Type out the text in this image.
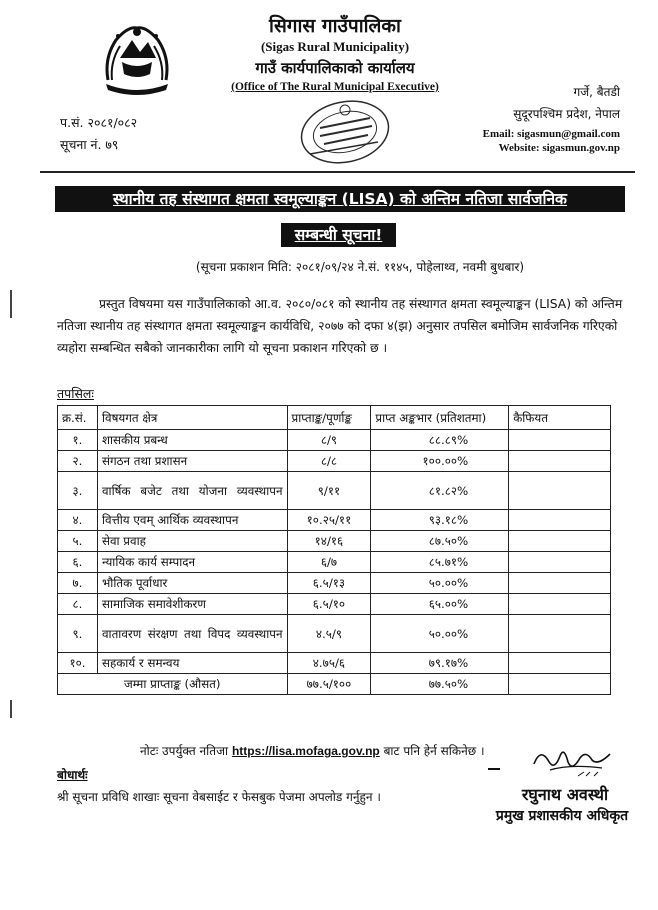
सिगास गाउँपालिका
(Sigas Rural Municipality)
गाउँ कार्यपालिकाको कार्यालय
(Office of The Rural Municipal Executive)	गर्जे, बैतडी
सुदूरपश्चिम प्रदेश, नेपाल
Email: sigasmun@gmail.com
Website: sigasmun.gov.np
प.सं. २०८१/०८२
सूचना नं. ७९
स्थानीय तह संस्थागत क्षमता स्वमूल्याङ्कन (LISA) को अन्तिम नतिजा सार्वजनिक
सम्बन्धी सूचना!
(सूचना प्रकाशन मिति: २०८१/०९/२४ ने.सं. ११४५, पोहेलाथ्व, नवमी बुधबार)
प्रस्तुत विषयमा यस गाउँपालिकाको आ.व. २०८०/०८१ को स्थानीय तह संस्थागत क्षमता स्वमूल्याङ्कन (LISA) को अन्तिम नतिजा स्थानीय तह संस्थागत क्षमता स्वमूल्याङ्कन कार्यविधि, २०७७ को दफा ४(झ) अनुसार तपसिल बमोजिम सार्वजनिक गरिएको व्यहोरा सम्बन्धित सबैको जानकारीका लागि यो सूचना प्रकाशन गरिएको छ ।
तपसिलः
क्र.सं.	विषयगत क्षेत्र	प्राप्ताङ्क/पूर्णाङ्क	प्राप्त अङ्कभार (प्रतिशतमा)	कैफियत
१.	शासकीय प्रबन्ध	८/९	८८.८९%	
२.	संगठन तथा प्रशासन	८/८	१००.००%	
३.	वार्षिक बजेट तथा योजना व्यवस्थापन	९/११	८१.८२%	
४.	वित्तीय एवम् आर्थिक व्यवस्थापन	१०.२५/११	९३.१८%	
५.	सेवा प्रवाह	१४/१६	८७.५०%	
६.	न्यायिक कार्य सम्पादन	६/७	८५.७१%	
७.	भौतिक पूर्वाधार	६.५/१३	५०.००%	
८.	सामाजिक समावेशीकरण	६.५/१०	६५.००%	
९.	वातावरण संरक्षण तथा विपद व्यवस्थापन	४.५/९	५०.००%	
१०.	सहकार्य र समन्वय	४.७५/६	७९.१७%	
जम्मा प्राप्ताङ्क (औसत)		७७.५/१००	७७.५०%	
नोटः उपर्युक्त नतिजा https://lisa.mofaga.gov.np बाट पनि हेर्न सकिनेछ ।
बोधार्थः
श्री सूचना प्रविधि शाखाः सूचना वेबसाईट र फेसबुक पेजमा अपलोड गर्नुहुन ।	रघुनाथ अवस्थी
प्रमुख प्रशासकीय अधिकृत
